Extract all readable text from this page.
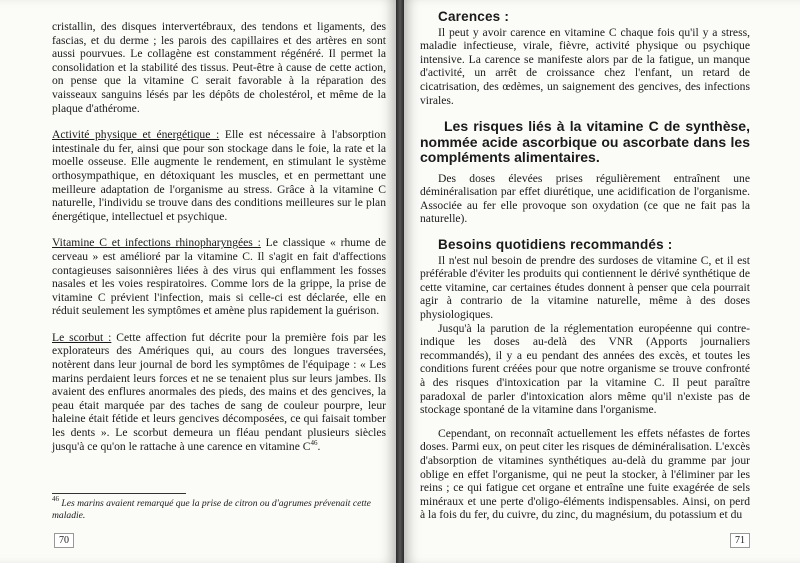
cristallin, des disques intervertébraux, des tendons et ligaments, des fascias, et du derme ; les parois des capillaires et des artères en sont aussi pourvues. Le collagène est constamment régénéré. Il permet la consolidation et la stabilité des tissus. Peut-être à cause de cette action, on pense que la vitamine C serait favorable à la réparation des vaisseaux sanguins lésés par les dépôts de cholestérol, et même de la plaque d'athérome.

Activité physique et énergétique : Elle est nécessaire à l'absorption intestinale du fer, ainsi que pour son stockage dans le foie, la rate et la moelle osseuse. Elle augmente le rendement, en stimulant le système orthosympathique, en détoxiquant les muscles, et en permettant une meilleure adaptation de l'organisme au stress. Grâce à la vitamine C naturelle, l'individu se trouve dans des conditions meilleures sur le plan énergétique, intellectuel et psychique.

Vitamine C et infections rhinopharyngées : Le classique « rhume de cerveau » est amélioré par la vitamine C. Il s'agit en fait d'affections contagieuses saisonnières liées à des virus qui enflamment les fosses nasales et les voies respiratoires. Comme lors de la grippe, la prise de vitamine C prévient l'infection, mais si celle-ci est déclarée, elle en réduit seulement les symptômes et amène plus rapidement la guérison.

Le scorbut : Cette affection fut décrite pour la première fois par les explorateurs des Amériques qui, au cours des longues traversées, notèrent dans leur journal de bord les symptômes de l'équipage : « Les marins perdaient leurs forces et ne se tenaient plus sur leurs jambes. Ils avaient des enflures anormales des pieds, des mains et des gencives, la peau était marquée par des taches de sang de couleur pourpre, leur haleine était fétide et leurs gencives décomposées, ce qui faisait tomber les dents ». Le scorbut demeura un fléau pendant plusieurs siècles jusqu'à ce qu'on le rattache à une carence en vitamine $C^{46}$.

$^{46}$ Les marins avaient remarqué que la prise de citron ou d'agrumes prévenait cette maladie.
70
Carences :

Il peut y avoir carence en vitamine C chaque fois qu'il y a stress, maladie infectieuse, virale, fièvre, activité physique ou psychique intensive. La carence se manifeste alors par de la fatigue, un manque d'activité, un arrêt de croissance chez l'enfant, un retard de cicatrisation, des œdèmes, un saignement des gencives, des infections virales.

Les risques liés à la vitamine C de synthèse, nommée acide ascorbique ou ascorbate dans les compléments alimentaires.

Des doses élevées prises régulièrement entraînent une déminéralisation par effet diurétique, une acidification de l'organisme. Associée au fer elle provoque son oxydation (ce que ne fait pas la naturelle).

Besoins quotidiens recommandés :

Il n'est nul besoin de prendre des surdoses de vitamine C, et il est préférable d'éviter les produits qui contiennent le dérivé synthétique de cette vitamine, car certaines études donnent à penser que cela pourrait agir à contrario de la vitamine naturelle, même à des doses physiologiques.

Jusqu'à la parution de la réglementation européenne qui contre-indique les doses au-delà des VNR (Apports journaliers recommandés), il y a eu pendant des années des excès, et toutes les conditions furent créées pour que notre organisme se trouve confronté à des risques d'intoxication par la vitamine C. Il peut paraître paradoxal de parler d'intoxication alors même qu'il n'existe pas de stockage spontané de la vitamine dans l'organisme.

Cependant, on reconnaît actuellement les effets néfastes de fortes doses. Parmi eux, on peut citer les risques de déminéralisation. L'excès d'absorption de vitamines synthétiques au-delà du gramme par jour oblige en effet l'organisme, qui ne peut la stocker, à l'éliminer par les reins ; ce qui fatigue cet organe et entraîne une fuite exagérée de sels minéraux et une perte d'oligo-éléments indispensables. Ainsi, on perd à la fois du fer, du cuivre, du zinc, du magnésium, du potassium et du

71
